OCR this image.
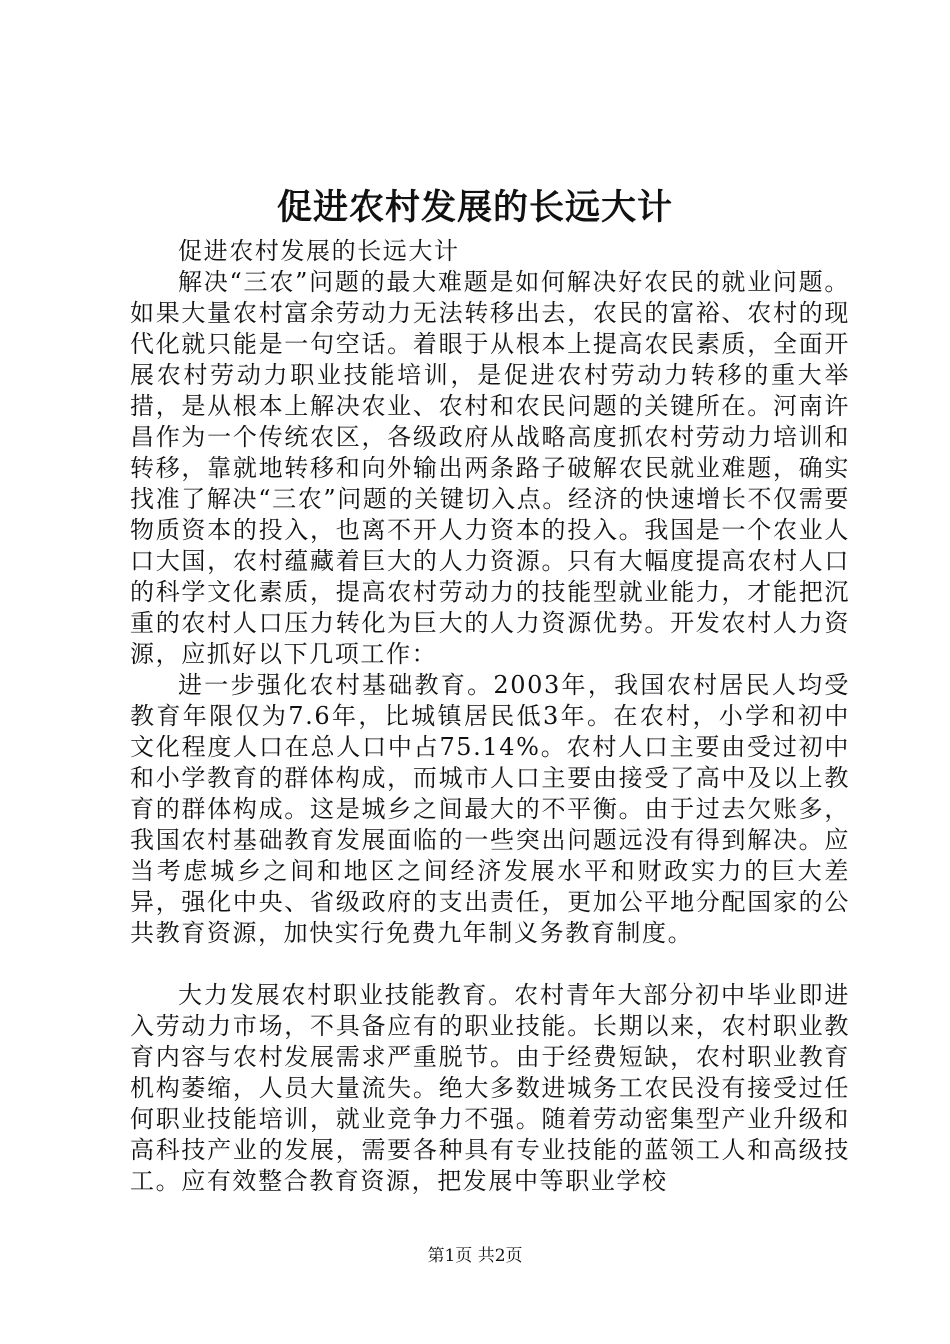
促进农村发展的长远大计

促进农村发展的长远大计

解决“三农”问题的最大难题是如何解决好农民的就业问题。如果大量农村富余劳动力无法转移出去，农民的富裕、农村的现代化就只能是一句空话。着眼于从根本上提高农民素质，全面开展农村劳动力职业技能培训，是促进农村劳动力转移的重大举措，是从根本上解决农业、农村和农民问题的关键所在。河南许昌作为一个传统农区，各级政府从战略高度抓农村劳动力培训和转移，靠就地转移和向外输出两条路子破解农民就业难题，确实找准了解决“三农”问题的关键切入点。经济的快速增长不仅需要物质资本的投入，也离不开人力资本的投入。我国是一个农业人口大国，农村蕴藏着巨大的人力资源。只有大幅度提高农村人口的科学文化素质，提高农村劳动力的技能型就业能力，才能把沉重的农村人口压力转化为巨大的人力资源优势。开发农村人力资源，应抓好以下几项工作：

进一步强化农村基础教育。2003年，我国农村居民人均受教育年限仅为7.6年，比城镇居民低3年。在农村，小学和初中文化程度人口在总人口中占75.14%。农村人口主要由受过初中和小学教育的群体构成，而城市人口主要由接受了高中及以上教育的群体构成。这是城乡之间最大的不平衡。由于过去欠账多，我国农村基础教育发展面临的一些突出问题远没有得到解决。应当考虑城乡之间和地区之间经济发展水平和财政实力的巨大差异，强化中央、省级政府的支出责任，更加公平地分配国家的公共教育资源，加快实行免费九年制义务教育制度。

大力发展农村职业技能教育。农村青年大部分初中毕业即进入劳动力市场，不具备应有的职业技能。长期以来，农村职业教育内容与农村发展需求严重脱节。由于经费短缺，农村职业教育机构萎缩，人员大量流失。绝大多数进城务工农民没有接受过任何职业技能培训，就业竞争力不强。随着劳动密集型产业升级和高科技产业的发展，需要各种具有专业技能的蓝领工人和高级技工。应有效整合教育资源，把发展中等职业学校

第1页 共2页
